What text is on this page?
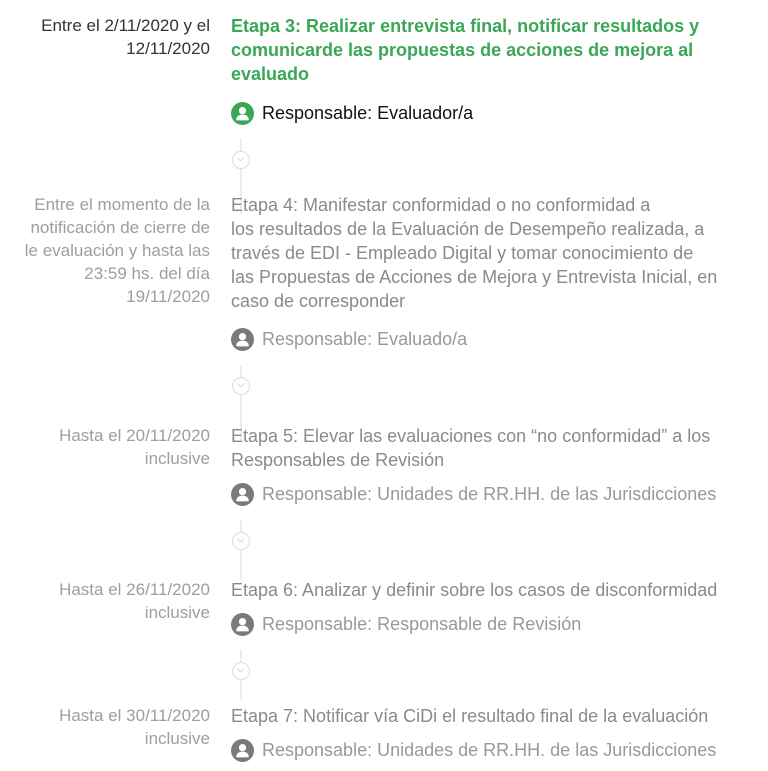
Entre el 2/11/2020 y el
12/11/2020
Etapa 3: Realizar entrevista final, notificar resultados y
comunicarde las propuestas de acciones de mejora al
evaluado
Responsable:
Evaluador/a
Entre el momento de la
notificación de cierre de
le evaluación y hasta las
23:59 hs. del día
19/11/2020
Etapa 4: Manifestar conformidad o no conformidad a
los resultados de la Evaluación de Desempeño realizada, a
través de EDI - Empleado Digital y tomar conocimiento de
las Propuestas de Acciones de Mejora y Entrevista Inicial, en
caso de corresponder
Responsable:
Evaluado/a
Hasta el 20/11/2020
inclusive
Etapa 5: Elevar las evaluaciones con “no conformidad” a los
Responsables de Revisión
Responsable:
Unidades de RR.HH. de las Jurisdicciones
Hasta el 26/11/2020
inclusive
Etapa 6: Analizar y definir sobre los casos de disconformidad
Responsable:
Responsable de Revisión
Hasta el 30/11/2020
inclusive
Etapa 7: Notificar vía CiDi el resultado final de la evaluación
Responsable:
Unidades de RR.HH. de las Jurisdicciones
